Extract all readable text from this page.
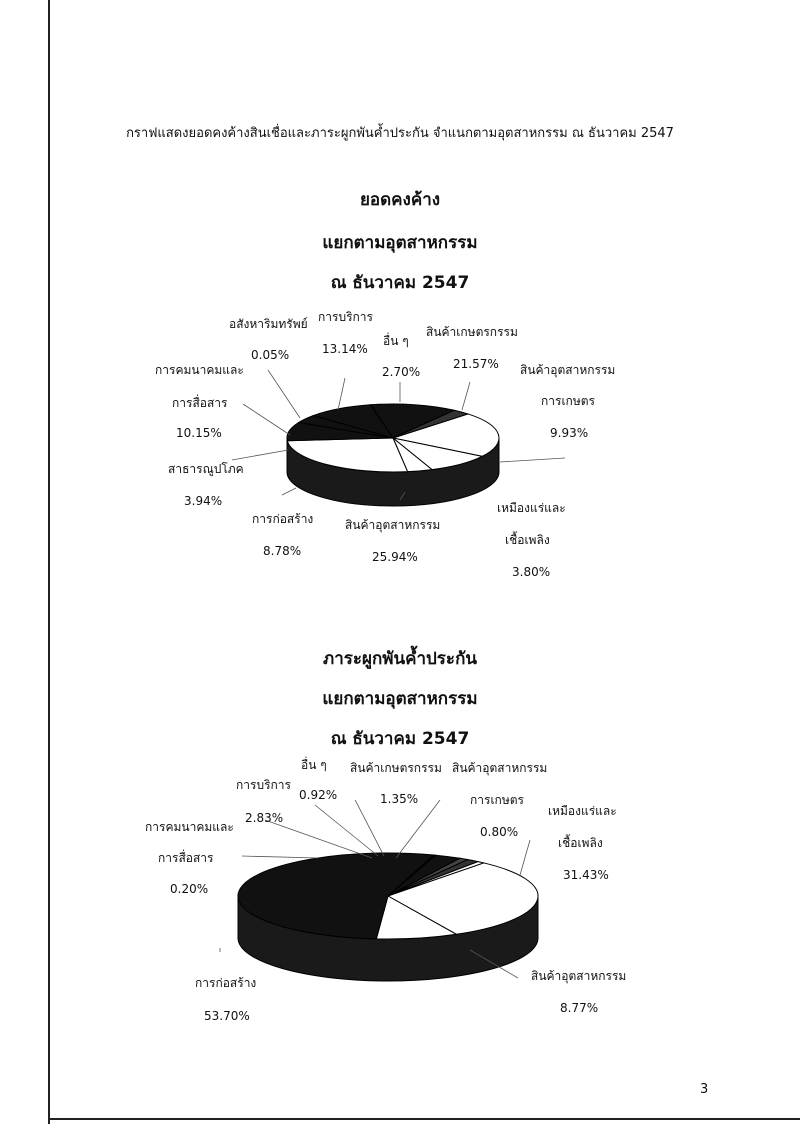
กราฟแสดงยอดคงค้างสินเชื่อและภาระผูกพันค้ำประกัน จำแนกตามอุตสาหกรรม ณ ธันวาคม 2547
ยอดคงค้าง
แยกตามอุตสาหกรรม
ณ ธันวาคม 2547
อสังหาริมทรัพย์
0.05%
การบริการ
13.14%
อื่น ๆ
2.70%
สินค้าเกษตรกรรม
21.57% สินค้าอุตสาหกรรม
การเกษตร
9.93%
การคมนาคมและ
การสื่อสาร
10.15%
สาธารณูปโภค
3.94%
การก่อสร้าง
8.78%
สินค้าอุตสาหกรรม
25.94%
เหมืองแร่และ
เชื้อเพลิง
3.80%
ภาระผูกพันค้ำประกัน
แยกตามอุตสาหกรรม
ณ ธันวาคม 2547
อื่น ๆ
0.92%
การบริการ
2.83%
สินค้าเกษตรกรรม
1.35%
สินค้าอุตสาหกรรม
การเกษตร
0.80%
เหมืองแร่และ
เชื้อเพลิง
31.43%
การคมนาคมและ
การสื่อสาร
0.20%
การก่อสร้าง
53.70%
สินค้าอุตสาหกรรม
8.77%
3
